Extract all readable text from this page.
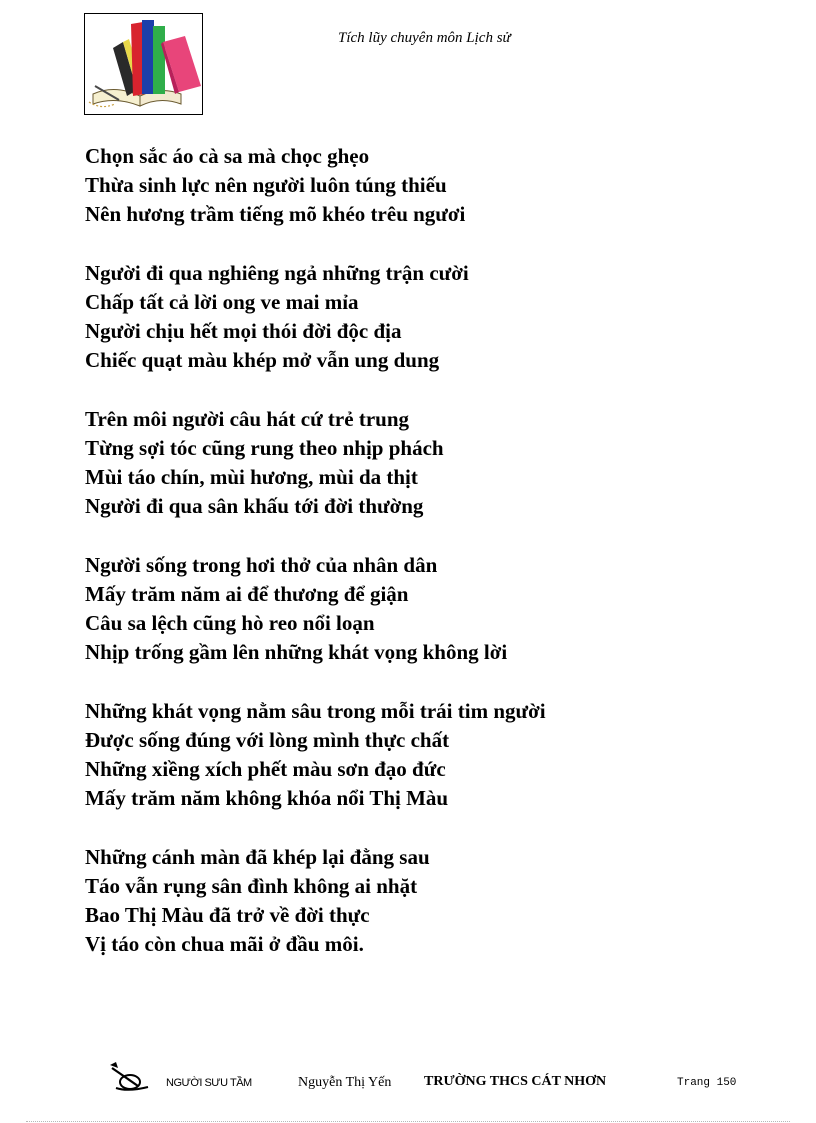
Tích lũy chuyên môn Lịch sử
Chọn sắc áo cà sa mà chọc ghẹo
Thừa sinh lực nên người luôn túng thiếu
Nên hương trầm tiếng mõ khéo trêu ngươi
Người đi qua nghiêng ngả những trận cười
Chấp tất cả lời ong ve mai mỉa
Người chịu hết mọi thói đời độc địa
Chiếc quạt màu khép mở vẫn ung dung
Trên môi người câu hát cứ trẻ trung
Từng sợi tóc cũng rung theo nhịp phách
Mùi táo chín, mùi hương, mùi da thịt
Người đi qua sân khấu tới đời thường
Người sống trong hơi thở của nhân dân
Mấy trăm năm ai để thương để giận
Câu sa lệch cũng hò reo nổi loạn
Nhịp trống gầm lên những khát vọng không lời
Những khát vọng nằm sâu trong mỗi trái tim người
Được sống đúng với lòng mình thực chất
Những xiềng xích phết màu sơn đạo đức
Mấy trăm năm không khóa nổi Thị Màu
Những cánh màn đã khép lại đằng sau
Táo vẫn rụng sân đình không ai nhặt
Bao Thị Màu đã trở về đời thực
Vị táo còn chua mãi ở đầu môi.
NGƯỜI SƯU TẦM	Nguyễn Thị Yến TRƯỜNG THCS CÁT NHƠN	Trang 150
